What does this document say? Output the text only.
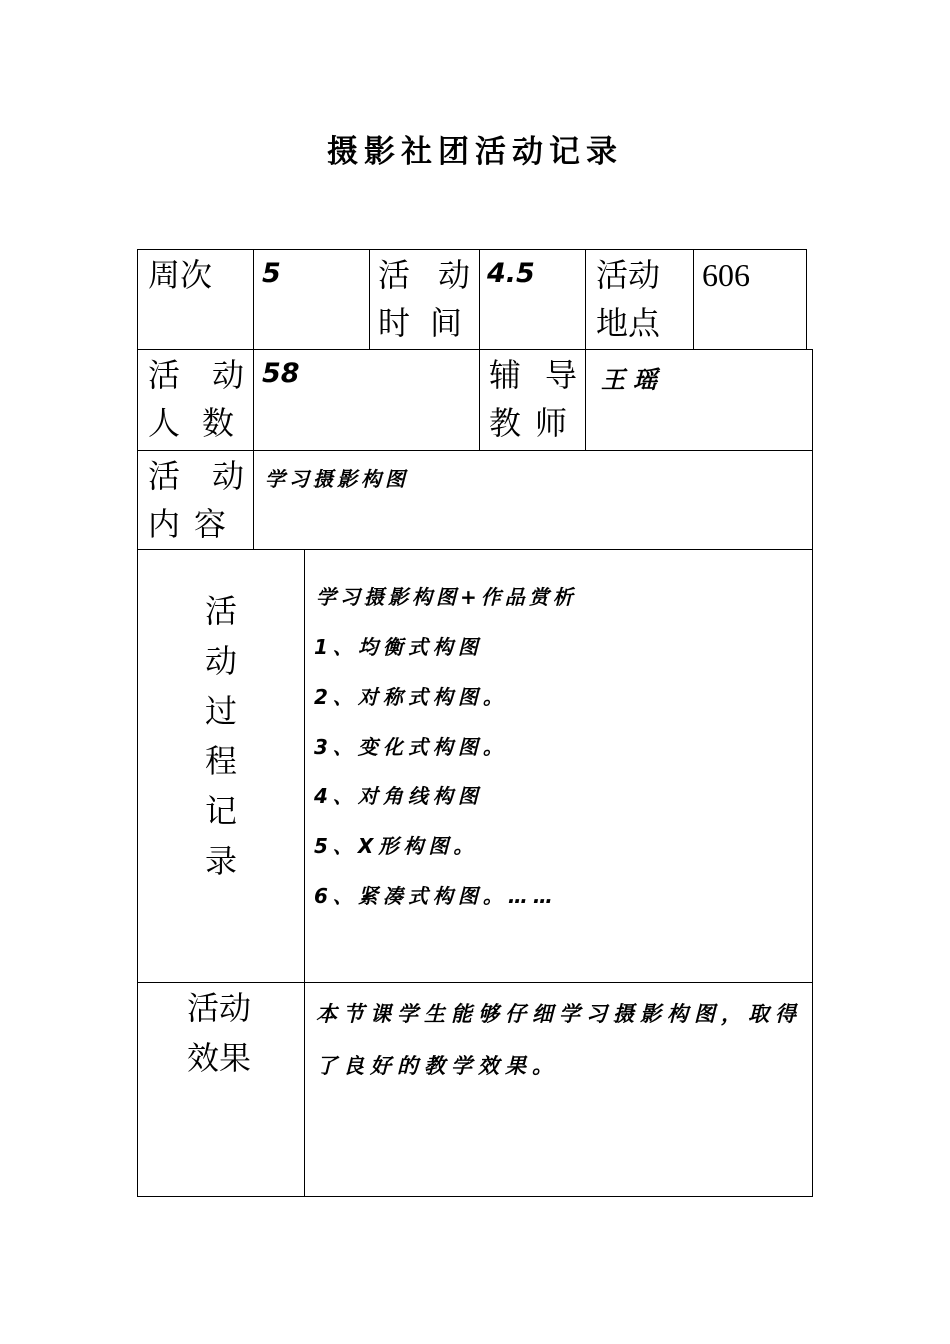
摄影社团活动记录
周次 5	活 动
时 间
4.5 活动
地点
606
活 动
人 数
58	辅 导
教 师
王瑶
活 动
内 容
学习摄影构图
活
动
过
程
记
录
学习摄影构图+作品赏析
1、均衡式构图
2、对称式构图。
3、变化式构图。
4、对角线构图
5、X形构图。
6、紧凑式构图。……
活动
效果
本节课学生能够仔细学习摄影构图，取得了良好的教学效果。
